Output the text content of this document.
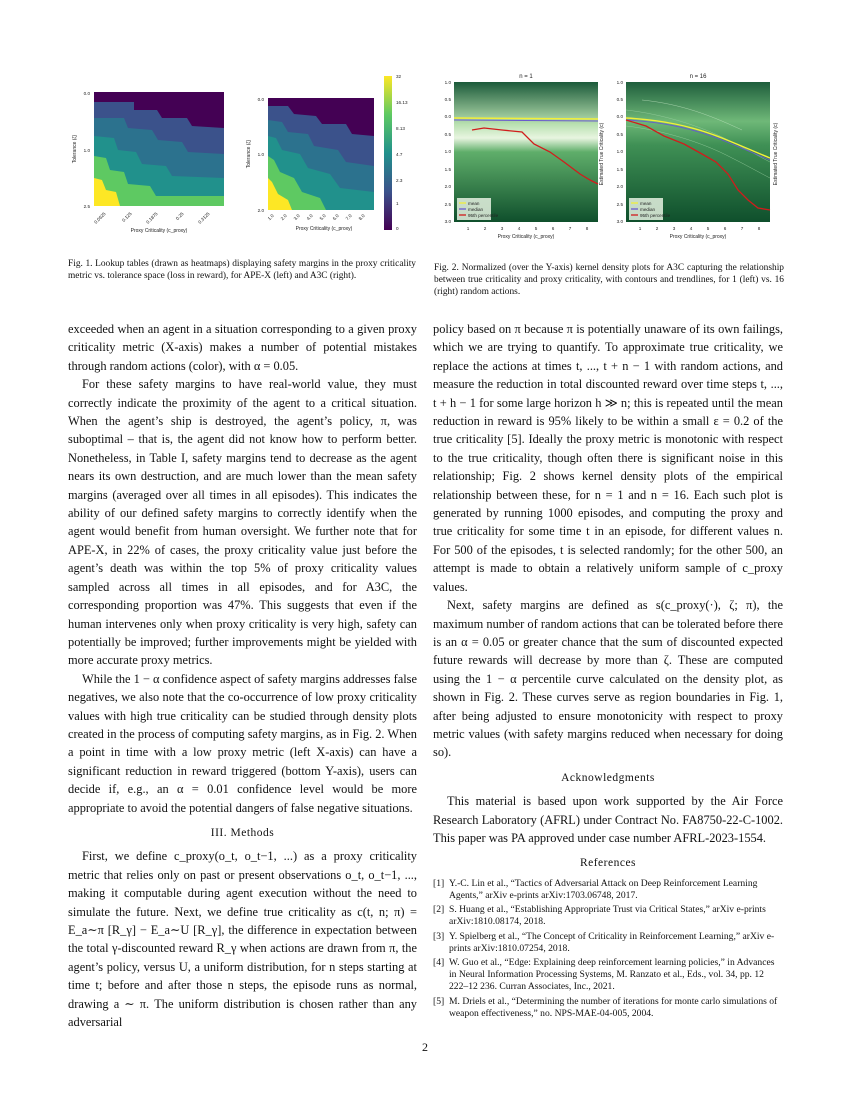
0.0
1.0
2.5
Tolerance (ζ)
0.0625	0.125	0.1875	0.25	0.3125
Proxy Criticality (c_proxy)
0.0
1.0
2.0
Tolerance (ζ)
1.0 2.0 3.0 4.0 5.0 6.0 7.0 8.0
Proxy Criticality (c_proxy)
32
16.13
8.13
4.7
2.3
1
0
Fig. 1. Lookup tables (drawn as heatmaps) displaying safety margins in the proxy criticality metric vs. tolerance space (loss in reward), for APE-X (left) and A3C (right).
n = 1
mean
median
95th percentile
1.0
0.5
0.0
0.5
1.0
1.5
2.0
2.5
3.0
1	2	3	4	5	6	7	8
Proxy Criticality (c_proxy)
Estimated True Criticality (c)
n = 16
mean
median
95th percentile
1.0
0.5
0.0
0.5
1.0
1.5
2.0
2.5
3.0
1	2	3	4	5	6	7	8
Proxy Criticality (c_proxy)
Estimated True Criticality (c)
Fig. 2. Normalized (over the Y-axis) kernel density plots for A3C capturing the relationship between true criticality and proxy criticality, with contours and trendlines, for 1 (left) vs. 16 (right) random actions.

exceeded when an agent in a situation corresponding to a given proxy criticality metric (X-axis) makes a number of potential mistakes through random actions (color), with α = 0.05.

For these safety margins to have real-world value, they must correctly indicate the proximity of the agent to a critical situation. When the agent’s ship is destroyed, the agent’s policy, π, was suboptimal – that is, the agent did not know how to perform better. Nonetheless, in Table I, safety margins tend to decrease as the agent nears its own destruction, and are much lower than the mean safety margins (averaged over all times in all episodes). This indicates the ability of our defined safety margins to correctly identify when the agent would benefit from human oversight. We further note that for APE-X, in 22% of cases, the proxy criticality value just before the agent’s death was within the top 5% of proxy criticality values sampled across all times in all episodes, and for A3C, the corresponding proportion was 47%. This suggests that even if the human intervenes only when proxy criticality is very high, safety can potentially be improved; further improvements might be yielded with more accurate proxy metrics.

While the 1 − α confidence aspect of safety margins addresses false negatives, we also note that the co-occurrence of low proxy criticality values with high true criticality can be studied through density plots created in the process of computing safety margins, as in Fig. 2. When a point in time with a low proxy metric (left X-axis) can have a significant reduction in reward triggered (bottom Y-axis), users can decide if, e.g., an α = 0.01 confidence level would be more appropriate to avoid the potential dangers of false negative situations.

III. Methods

First, we define c_proxy(o_t, o_t−1, ...) as a proxy criticality metric that relies only on past or present observations o_t, o_t−1, ..., making it computable during agent execution without the need to simulate the future. Next, we define true criticality as c(t, n; π) = E_a∼π [R_γ] − E_a∼U [R_γ], the difference in expectation between the total γ-discounted reward R_γ when actions are drawn from π, the agent’s policy, versus U, a uniform distribution, for n steps starting at time t; before and after those n steps, the episode runs as normal, drawing a ∼ π. The uniform distribution is chosen rather than any adversarial

policy based on π because π is potentially unaware of its own failings, which we are trying to quantify. To approximate true criticality, we replace the actions at times t, ..., t + n − 1 with random actions, and measure the reduction in total discounted reward over time steps t, ..., t + h − 1 for some large horizon h ≫ n; this is repeated until the mean reduction in reward is 95% likely to be within a small ε = 0.2 of the true criticality [5]. Ideally the proxy metric is monotonic with respect to the true criticality, though often there is significant noise in this relationship; Fig. 2 shows kernel density plots of the empirical relationship between these, for n = 1 and n = 16. Each such plot is generated by running 1000 episodes, and computing the proxy and true criticality for some time t in an episode, for different values n. For 500 of the episodes, t is selected randomly; for the other 500, an attempt is made to obtain a relatively uniform sample of c_proxy values.

Next, safety margins are defined as s(c_proxy(·), ζ; π), the maximum number of random actions that can be tolerated before there is an α = 0.05 or greater chance that the sum of discounted expected future rewards will decrease by more than ζ. These are computed using the 1 − α percentile curve calculated on the density plot, as shown in Fig. 2. These curves serve as region boundaries in Fig. 1, after being adjusted to ensure monotonicity with respect to proxy metric values (with safety margins reduced when necessary for doing so).

Acknowledgments

This material is based upon work supported by the Air Force Research Laboratory (AFRL) under Contract No. FA8750-22-C-1002. This paper was PA approved under case number AFRL-2023-1554.

References
[1] Y.-C. Lin et al., “Tactics of Adversarial Attack on Deep Reinforcement Learning Agents,” arXiv e-prints arXiv:1703.06748, 2017.
[2] S. Huang et al., “Establishing Appropriate Trust via Critical States,” arXiv e-prints arXiv:1810.08174, 2018.
[3] Y. Spielberg et al., “The Concept of Criticality in Reinforcement Learning,” arXiv e-prints arXiv:1810.07254, 2018.
[4] W. Guo et al., “Edge: Explaining deep reinforcement learning policies,” in Advances in Neural Information Processing Systems, M. Ranzato et al., Eds., vol. 34, pp. 12 222–12 236. Curran Associates, Inc., 2021.
[5] M. Driels et al., “Determining the number of iterations for monte carlo simulations of weapon effectiveness,” no. NPS-MAE-04-005, 2004.
2
